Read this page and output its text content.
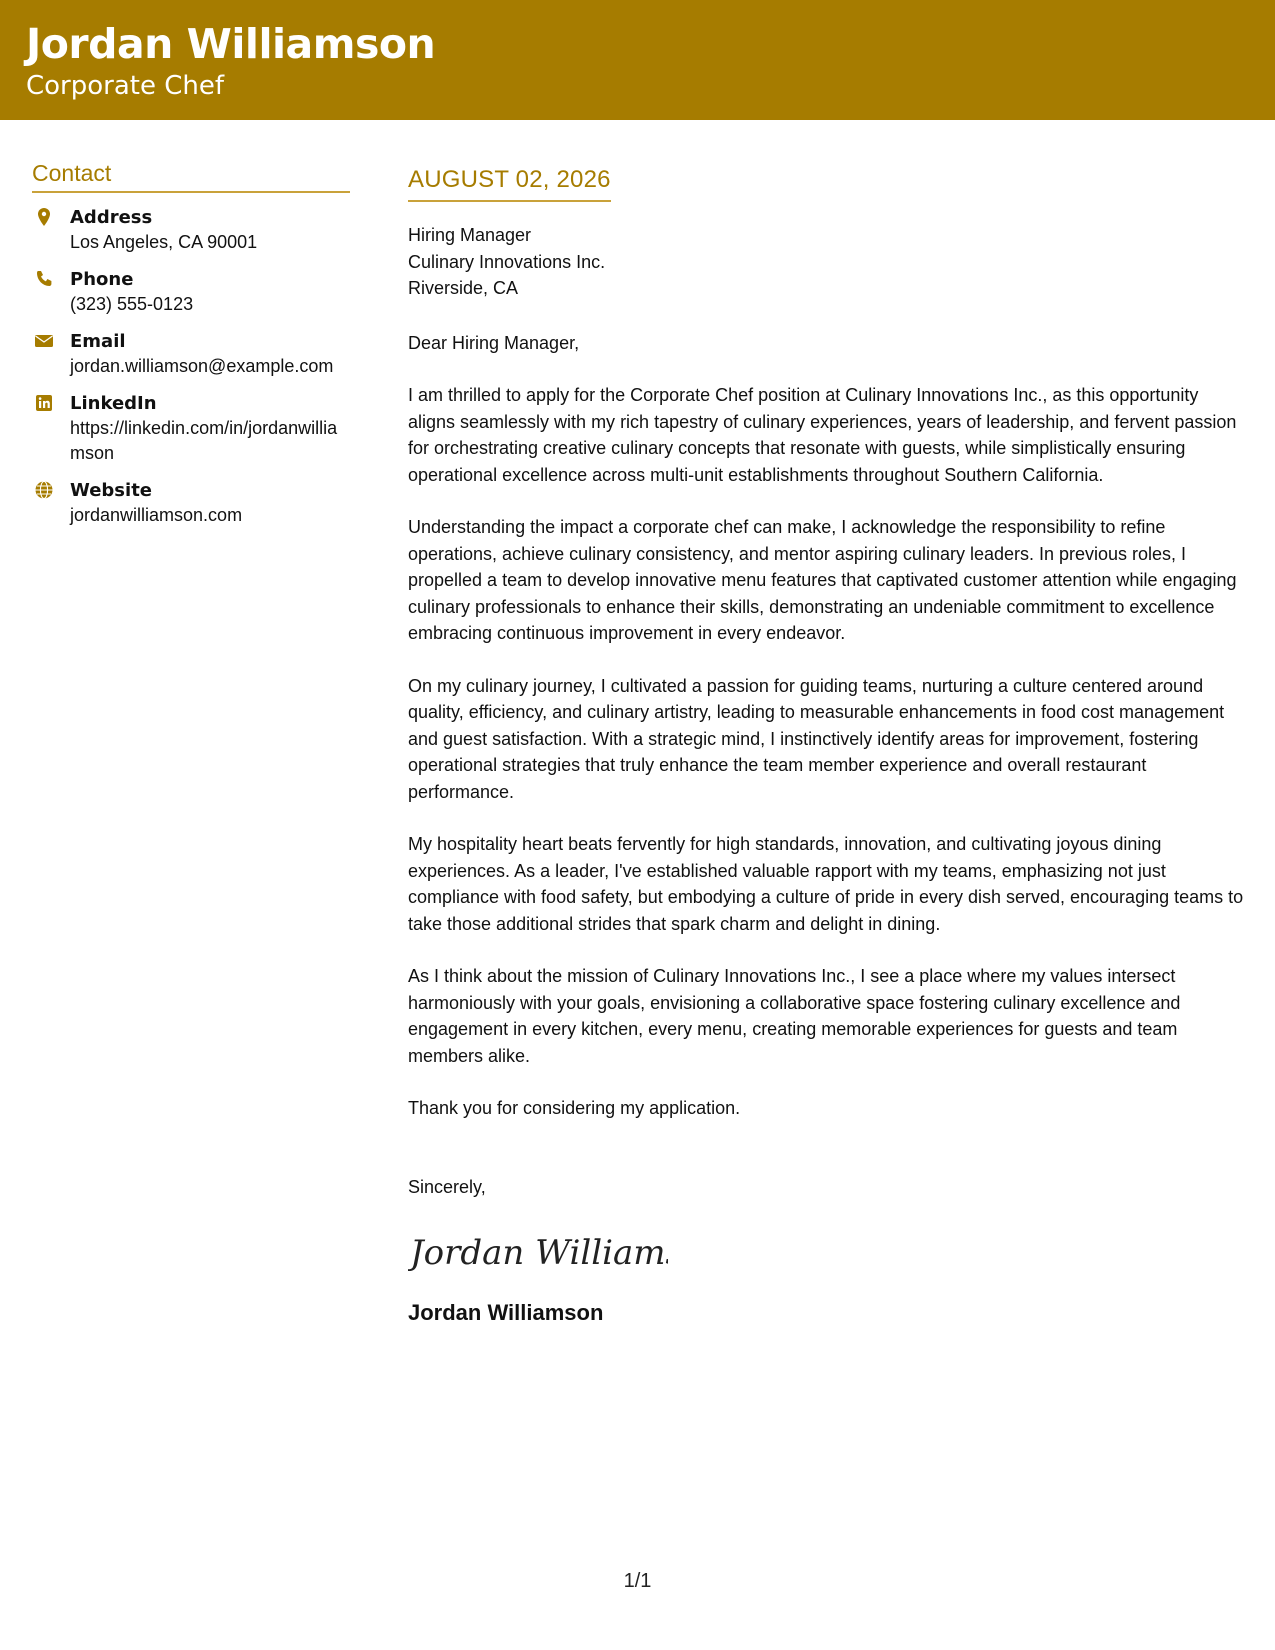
Jordan Williamson
Corporate Chef
Contact
Address
Los Angeles, CA 90001
Phone
(323) 555-0123
Email
jordan.williamson@example.com
LinkedIn
https://linkedin.com/in/jordanwilliamson
Website
jordanwilliamson.com
AUGUST 02, 2026
Hiring Manager
Culinary Innovations Inc.
Riverside, CA
Dear Hiring Manager,
I am thrilled to apply for the Corporate Chef position at Culinary Innovations Inc., as this opportunity aligns seamlessly with my rich tapestry of culinary experiences, years of leadership, and fervent passion for orchestrating creative culinary concepts that resonate with guests, while simplistically ensuring operational excellence across multi-unit establishments throughout Southern California.
Understanding the impact a corporate chef can make, I acknowledge the responsibility to refine operations, achieve culinary consistency, and mentor aspiring culinary leaders. In previous roles, I propelled a team to develop innovative menu features that captivated customer attention while engaging culinary professionals to enhance their skills, demonstrating an undeniable commitment to excellence embracing continuous improvement in every endeavor.
On my culinary journey, I cultivated a passion for guiding teams, nurturing a culture centered around quality, efficiency, and culinary artistry, leading to measurable enhancements in food cost management and guest satisfaction. With a strategic mind, I instinctively identify areas for improvement, fostering operational strategies that truly enhance the team member experience and overall restaurant performance.
My hospitality heart beats fervently for high standards, innovation, and cultivating joyous dining experiences. As a leader, I've established valuable rapport with my teams, emphasizing not just compliance with food safety, but embodying a culture of pride in every dish served, encouraging teams to take those additional strides that spark charm and delight in dining.
As I think about the mission of Culinary Innovations Inc., I see a place where my values intersect harmoniously with your goals, envisioning a collaborative space fostering culinary excellence and engagement in every kitchen, every menu, creating memorable experiences for guests and team members alike.
Thank you for considering my application.
Sincerely,
Jordan Williams
Jordan Williamson
1/1
